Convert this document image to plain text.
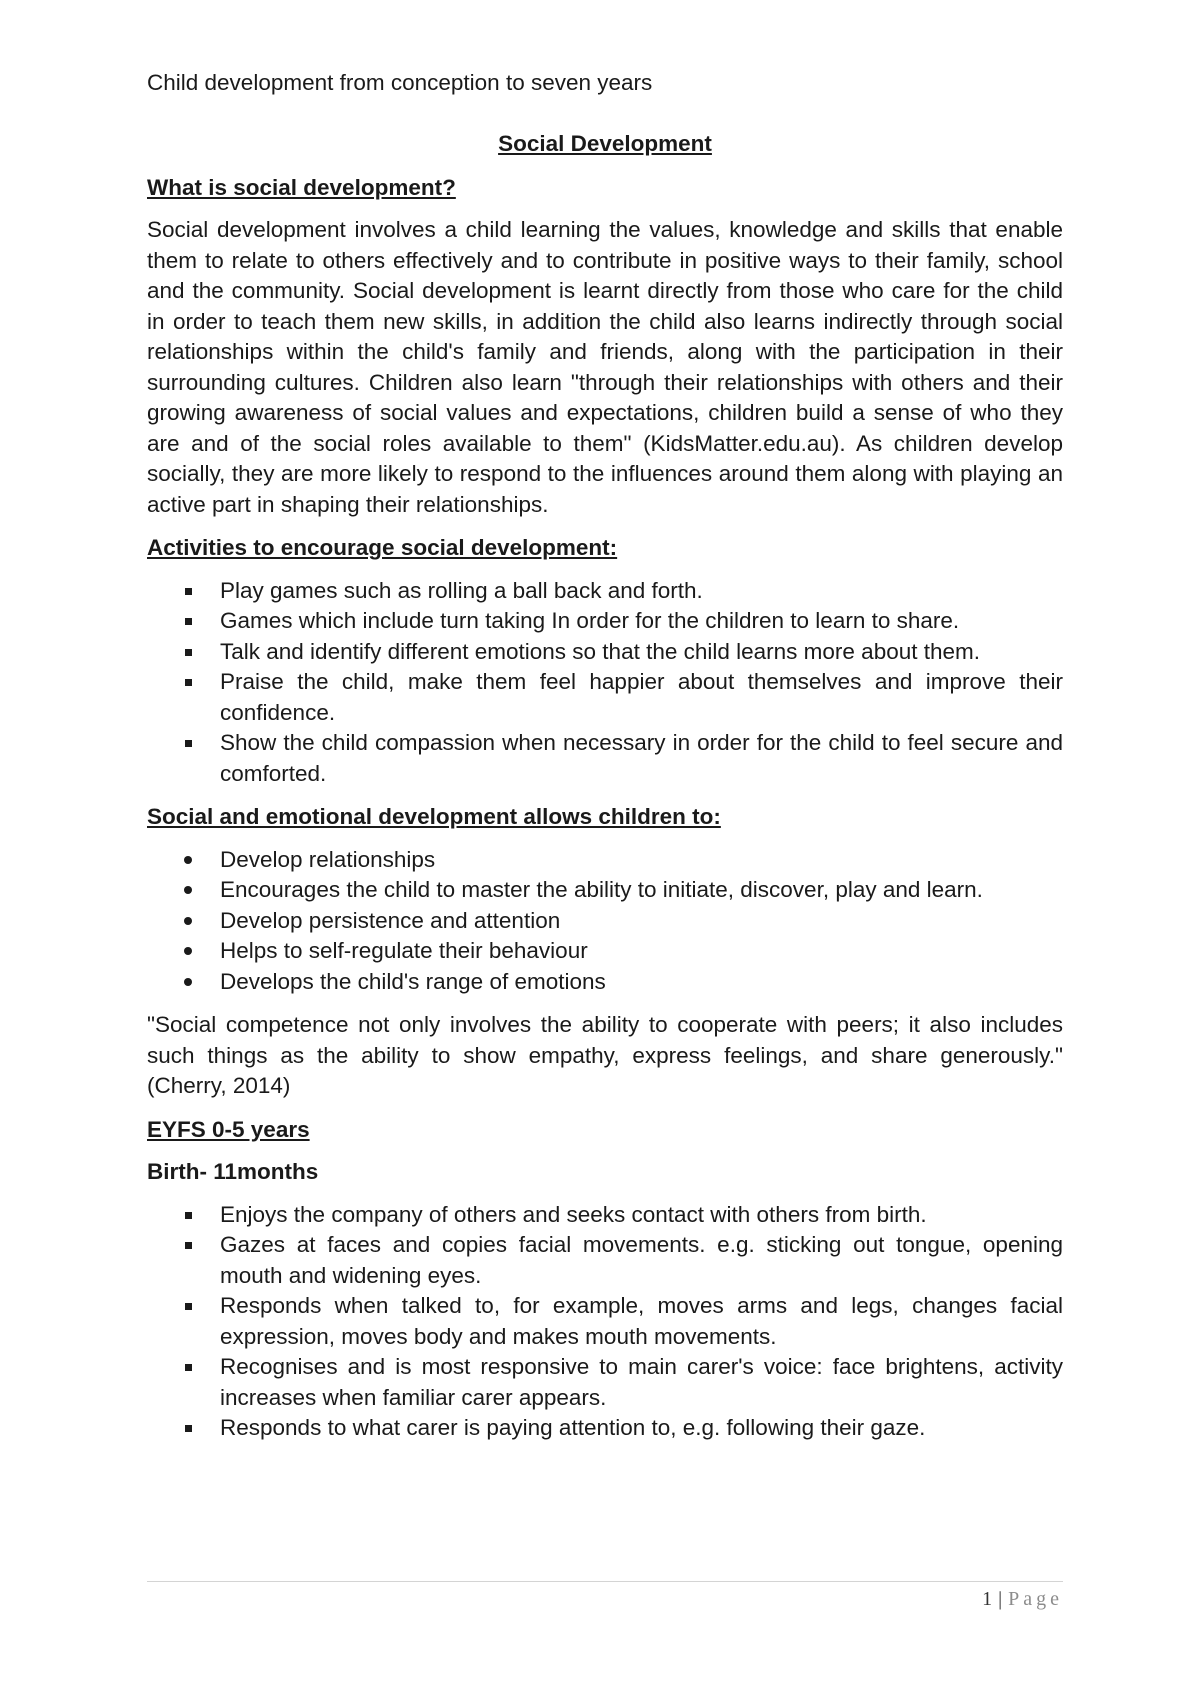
Child development from conception to seven years
Social Development
What is social development?

Social development involves a child learning the values, knowledge and skills that enable them to relate to others effectively and to contribute in positive ways to their family, school and the community. Social development is learnt directly from those who care for the child in order to teach them new skills, in addition the child also learns indirectly through social relationships within the child's family and friends, along with the participation in their surrounding cultures. Children also learn "through their relationships with others and their growing awareness of social values and expectations, children build a sense of who they are and of the social roles available to them" (KidsMatter.edu.au). As children develop socially, they are more likely to respond to the influences around them along with playing an active part in shaping their relationships.

Activities to encourage social development:
Play games such as rolling a ball back and forth.
Games which include turn taking In order for the children to learn to share.
Talk and identify different emotions so that the child learns more about them.
Praise the child, make them feel happier about themselves and improve their confidence.
Show the child compassion when necessary in order for the child to feel secure and comforted.
Social and emotional development allows children to:
Develop relationships
Encourages the child to master the ability to initiate, discover, play and learn.
Develop persistence and attention
Helps to self-regulate their behaviour
Develops the child's range of emotions

"Social competence not only involves the ability to cooperate with peers; it also includes such things as the ability to show empathy, express feelings, and share generously." (Cherry, 2014)

EYFS 0-5 years
Birth- 11months
Enjoys the company of others and seeks contact with others from birth.
Gazes at faces and copies facial movements. e.g. sticking out tongue, opening mouth and widening eyes.
Responds when talked to, for example, moves arms and legs, changes facial expression, moves body and makes mouth movements.
Recognises and is most responsive to main carer's voice: face brightens, activity increases when familiar carer appears.
Responds to what carer is paying attention to, e.g. following their gaze.
1 | Page
